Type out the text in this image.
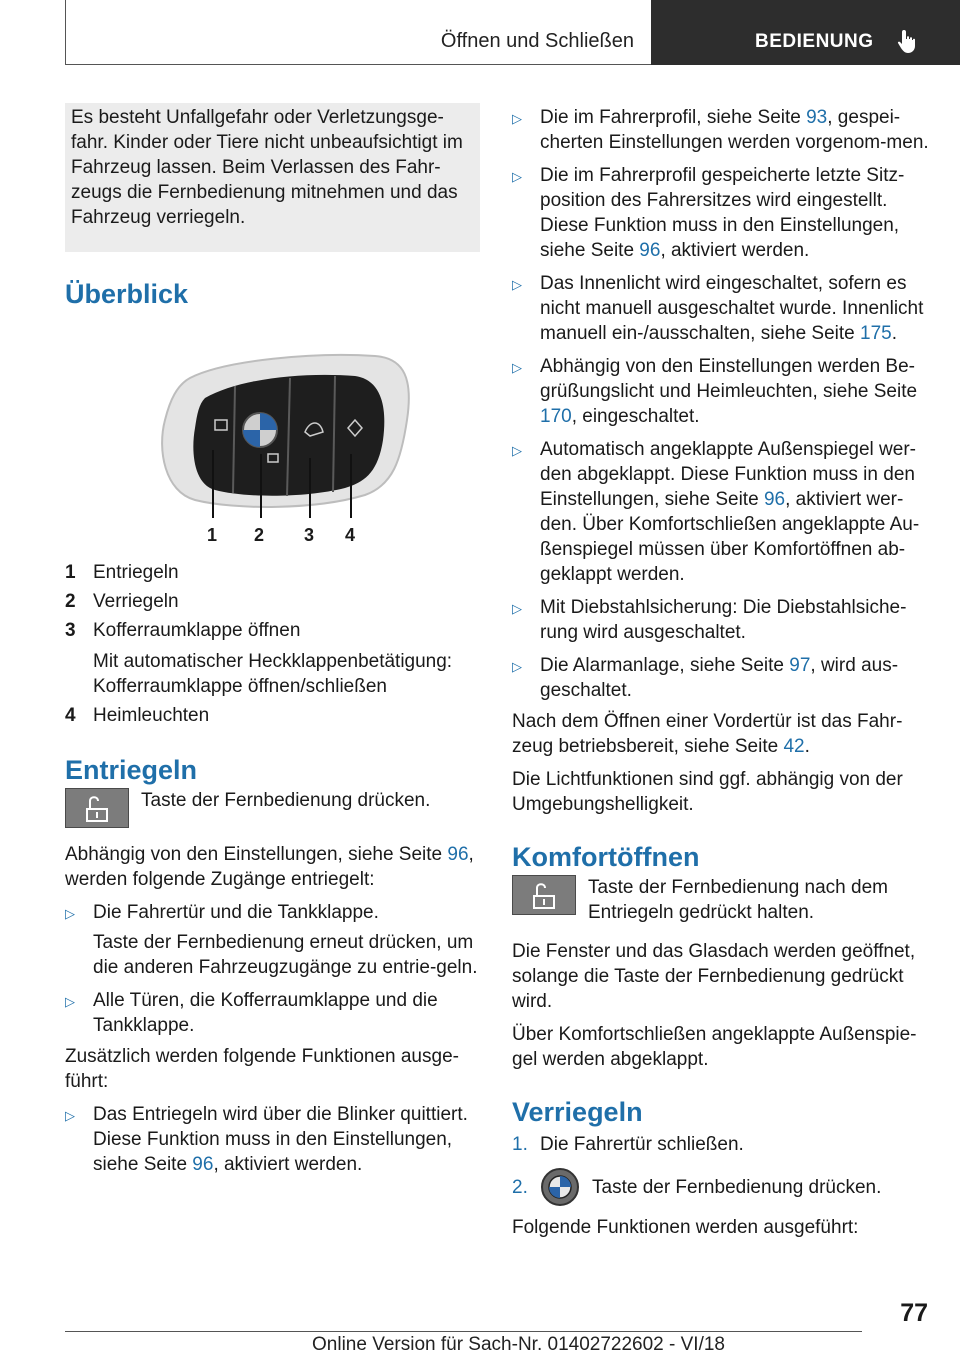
Öffnen und Schließen	BEDIENUNG

Es besteht Unfallgefahr oder Verletzungsge-fahr. Kinder oder Tiere nicht unbeaufsichtigt im Fahrzeug lassen. Beim Verlassen des Fahr-zeugs die Fernbedienung mitnehmen und das Fahrzeug verriegeln.

Überblick
1 2 3 4
1 Entriegeln
2 Verriegeln
3 Kofferraumklappe öffnen
Mit automatischer Heckklappenbetätigung: Kofferraumklappe öffnen/schließen
4 Heimleuchten
Entriegeln
Taste der Fernbedienung drücken.

Abhängig von den Einstellungen, siehe Seite 96, werden folgende Zugänge entriegelt:

▷ Die Fahrertür und die Tankklappe.
Taste der Fernbedienung erneut drücken, um die anderen Fahrzeugzugänge zu entrie-geln.
▷ Alle Türen, die Kofferraumklappe und die Tankklappe.

Zusätzlich werden folgende Funktionen ausge-führt:

▷ Das Entriegeln wird über die Blinker quittiert. Diese Funktion muss in den Einstellungen, siehe Seite 96, aktiviert werden.
▷ Die im Fahrerprofil, siehe Seite 93, gespei-cherten Einstellungen werden vorgenom-men.
▷ Die im Fahrerprofil gespeicherte letzte Sitz-position des Fahrersitzes wird eingestellt. Diese Funktion muss in den Einstellungen, siehe Seite 96, aktiviert werden.
▷ Das Innenlicht wird eingeschaltet, sofern es nicht manuell ausgeschaltet wurde. Innenlicht manuell ein-/ausschalten, siehe Seite 175.
▷ Abhängig von den Einstellungen werden Be-grüßungslicht und Heimleuchten, siehe Seite 170, eingeschaltet.
▷ Automatisch angeklappte Außenspiegel wer-den abgeklappt. Diese Funktion muss in den Einstellungen, siehe Seite 96, aktiviert wer-den. Über Komfortschließen angeklappte Au-ßenspiegel müssen über Komfortöffnen ab-geklappt werden.
▷ Mit Diebstahlsicherung: Die Diebstahlsiche-rung wird ausgeschaltet.
▷ Die Alarmanlage, siehe Seite 97, wird aus-geschaltet.

Nach dem Öffnen einer Vordertür ist das Fahr-zeug betriebsbereit, siehe Seite 42.

Die Lichtfunktionen sind ggf. abhängig von der Umgebungshelligkeit.

Komfortöffnen
Taste der Fernbedienung nach dem Entriegeln gedrückt halten.

Die Fenster und das Glasdach werden geöffnet, solange die Taste der Fernbedienung gedrückt wird.

Über Komfortschließen angeklappte Außenspie-gel werden abgeklappt.

Verriegeln
1. Die Fahrertür schließen.
2.	Taste der Fernbedienung drücken.

Folgende Funktionen werden ausgeführt:

77
Online Version für Sach-Nr. 01402722602 - VI/18
